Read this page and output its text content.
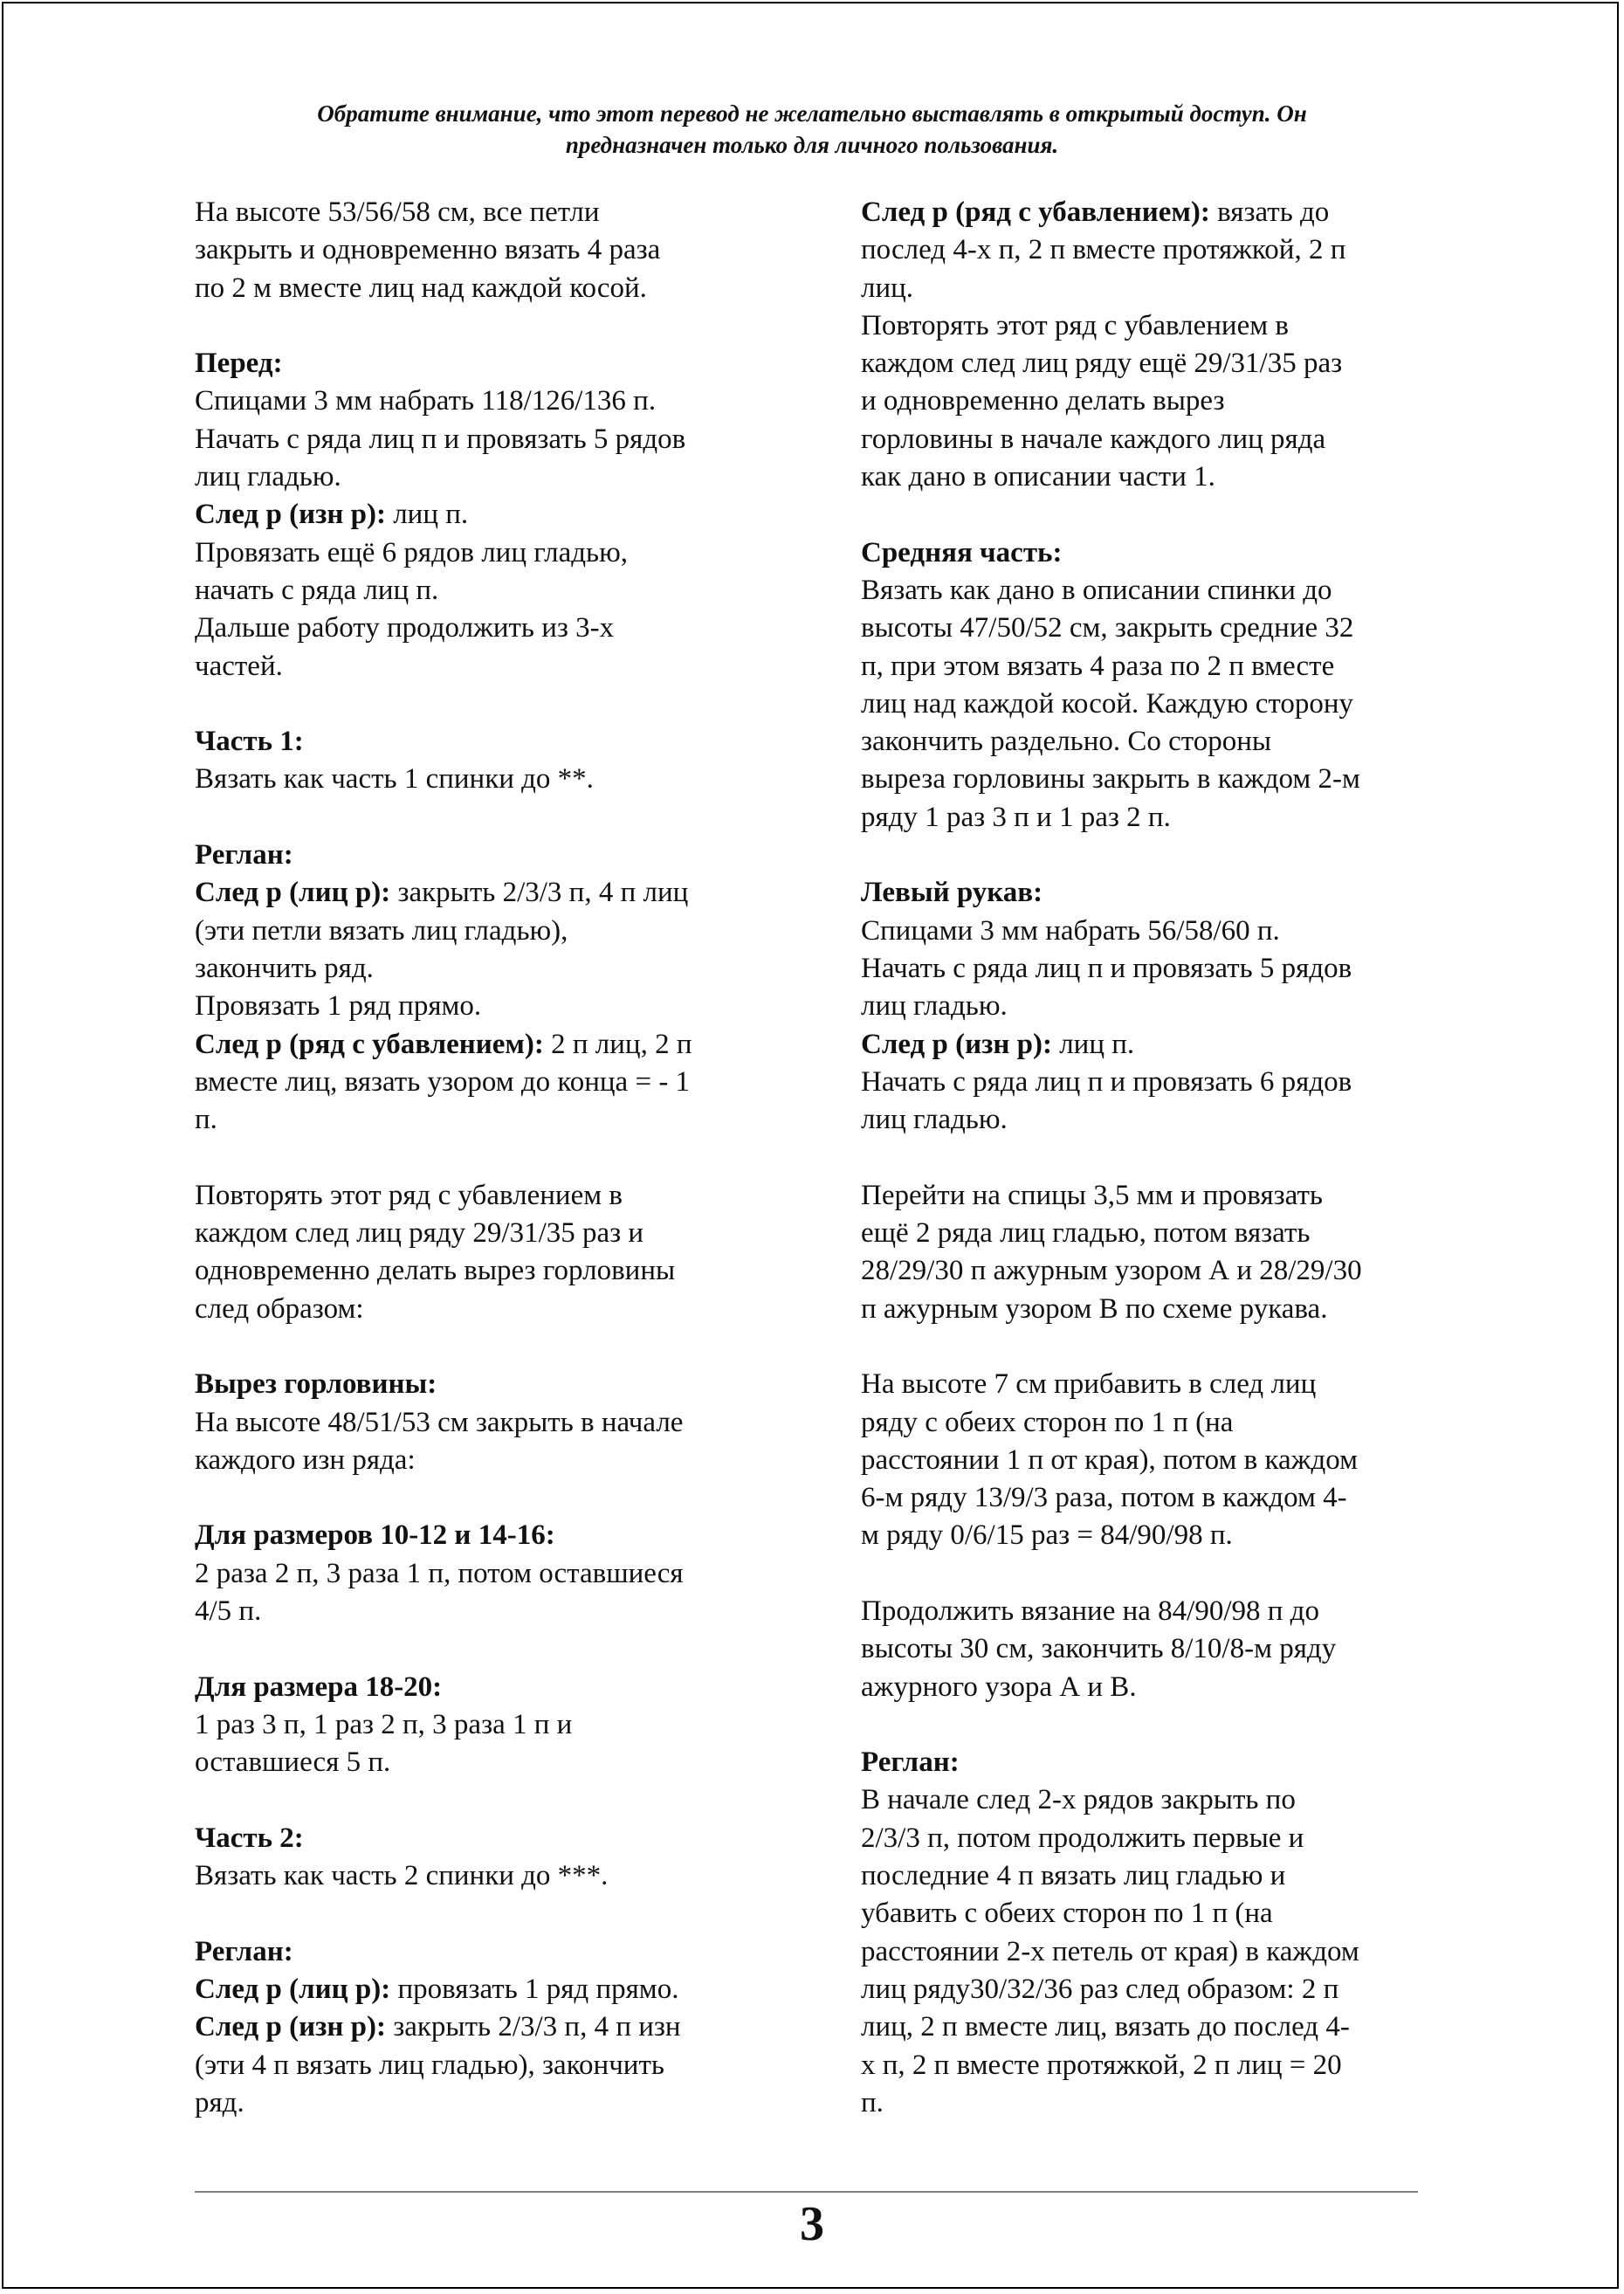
Обратите внимание, что этот перевод не желательно выставлять в открытый доступ. Он
предназначен только для личного пользования.

На высоте 53/56/58 см, все петли
закрыть и одновременно вязать 4 раза
по 2 м вместе лиц над каждой косой.

Перед:

Спицами 3 мм набрать 118/126/136 п.
Начать с ряда лиц п и провязать 5 рядов
лиц гладью.

След р (изн р): лиц п.

Провязать ещё 6 рядов лиц гладью,
начать с ряда лиц п.
Дальше работу продолжить из 3-х
частей.

Часть 1:

Вязать как часть 1 спинки до **.

Реглан:

След р (лиц р): закрыть 2/3/3 п, 4 п лиц
(эти петли вязать лиц гладью),
закончить ряд.

Провязать 1 ряд прямо.

След р (ряд с убавлением): 2 п лиц, 2 п
вместе лиц, вязать узором до конца = - 1
п.

Повторять этот ряд с убавлением в
каждом след лиц ряду 29/31/35 раз и
одновременно делать вырез горловины
след образом:

Вырез горловины:

На высоте 48/51/53 см закрыть в начале
каждого изн ряда:

Для размеров 10-12 и 14-16:

2 раза 2 п, 3 раза 1 п, потом оставшиеся
4/5 п.

Для размера 18-20:

1 раз 3 п, 1 раз 2 п, 3 раза 1 п и
оставшиеся 5 п.

Часть 2:

Вязать как часть 2 спинки до ***.

Реглан:

След р (лиц р): провязать 1 ряд прямо.

След р (изн р): закрыть 2/3/3 п, 4 п изн
(эти 4 п вязать лиц гладью), закончить
ряд.

След р (ряд с убавлением): вязать до
послед 4-х п, 2 п вместе протяжкой, 2 п
лиц.

Повторять этот ряд с убавлением в
каждом след лиц ряду ещё 29/31/35 раз
и одновременно делать вырез
горловины в начале каждого лиц ряда
как дано в описании части 1.

Средняя часть:

Вязать как дано в описании спинки до
высоты 47/50/52 см, закрыть средние 32
п, при этом вязать 4 раза по 2 п вместе
лиц над каждой косой. Каждую сторону
закончить раздельно. Со стороны
выреза горловины закрыть в каждом 2-м
ряду 1 раз 3 п и 1 раз 2 п.

Левый рукав:

Спицами 3 мм набрать 56/58/60 п.
Начать с ряда лиц п и провязать 5 рядов
лиц гладью.

След р (изн р): лиц п.

Начать с ряда лиц п и провязать 6 рядов
лиц гладью.

Перейти на спицы 3,5 мм и провязать
ещё 2 ряда лиц гладью, потом вязать
28/29/30 п ажурным узором А и 28/29/30
п ажурным узором В по схеме рукава.

На высоте 7 см прибавить в след лиц
ряду с обеих сторон по 1 п (на
расстоянии 1 п от края), потом в каждом
6-м ряду 13/9/3 раза, потом в каждом 4-
м ряду 0/6/15 раз = 84/90/98 п.

Продолжить вязание на 84/90/98 п до
высоты 30 см, закончить 8/10/8-м ряду
ажурного узора А и В.

Реглан:

В начале след 2-х рядов закрыть по
2/3/3 п, потом продолжить первые и
последние 4 п вязать лиц гладью и
убавить с обеих сторон по 1 п (на
расстоянии 2-х петель от края) в каждом
лиц ряду30/32/36 раз след образом: 2 п
лиц, 2 п вместе лиц, вязать до послед 4-
х п, 2 п вместе протяжкой, 2 п лиц = 20
п.

3
